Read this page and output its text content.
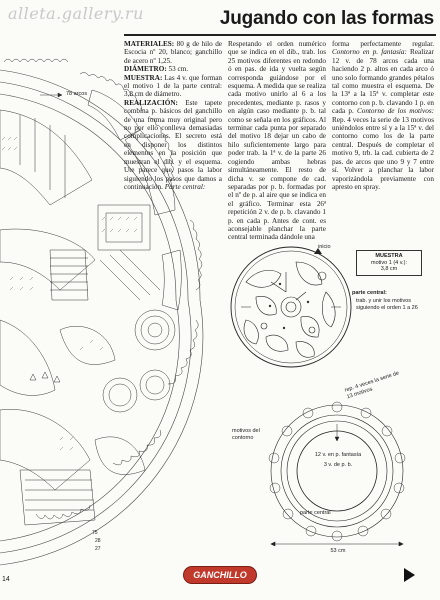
alleta.gallery.ru	Jugando con las formas
78 arcos
75
28
27
MATERIALES: 80 g de hilo de Escocia nº 20, blanco; ganchillo de acero nº 1,25.
DIÁMETRO: 53 cm.
MUESTRA: Las 4 v. que forman el motivo 1 de la parte central: 3,8 cm de diámetro.
REALIZACIÓN: Este tapete combina p. básicos del ganchillo de una forma muy original pero no por ello conlleva demasiadas complicaciones. El secreto está en disponer los distintos elementos en la posición que muestran el dib. y el esquema. Ute parece que, pasos la labor siguiendo los pasos que damos a continuación. Parte central:
Respetando el orden numérico que se indica en el dib., trab. los 25 motivos diferentes en redondo ó en pas. de ida y vuelta según corresponda guiándose por el esquema. A medida que se realiza cada motivo unirlo al 6 a los precedentes, mediante p. rasos y en algún caso mediante p. b. tal como se señala en los gráficos. Al terminar cada punta por separado del motivo 18 dejar un cabo de hilo suficientemente largo para poder trab. la 1ª v. de la parte 26 cogiendo ambas hebras simultáneamente. El resto de dicha v. se compone de cad. separadas por p. b. formadas por el nº de p. al aire que se indica en el gráfico. Terminar esta 26ª repetición 2 v. de p. b. clavando 1 p. en cada p. Antes de cont. es aconsejable planchar la parte central terminada dándole una
forma perfectamente regular. Contorno en p. fantasía: Realizar 12 v. de 78 arcos cada una haciendo 2 p. altos en cada arco ó uno solo formando grandes pétalos tal como muestra el esquema. De la 13ª a la 15ª v. completar este contorno con p. b. clavando 1 p. en cada p. Contorno de los motivos: Rep. 4 veces la serie de 13 motivos uniéndolos entre sí y a la 15ª v. del contorno como los de la parte central. Después de completar el motivo 9, trb. la cad. cubierta de 2 pas. de arcos que uno 9 y 7 entre sí. Volver a planchar la labor vaporizándola previamente con apresto en spray.
MUESTRA
motivo 1 (4 v.):
3,8 cm
inicio
parte central:
trab. y unir los motivos siguiendo el orden 1 a 26
motivos del contorno
rep. 4 veces la serie de 13 motivos
12 v. en p. fantasía
3 v. de p. b.
parte central
53 cm
14	GANCHILLO
